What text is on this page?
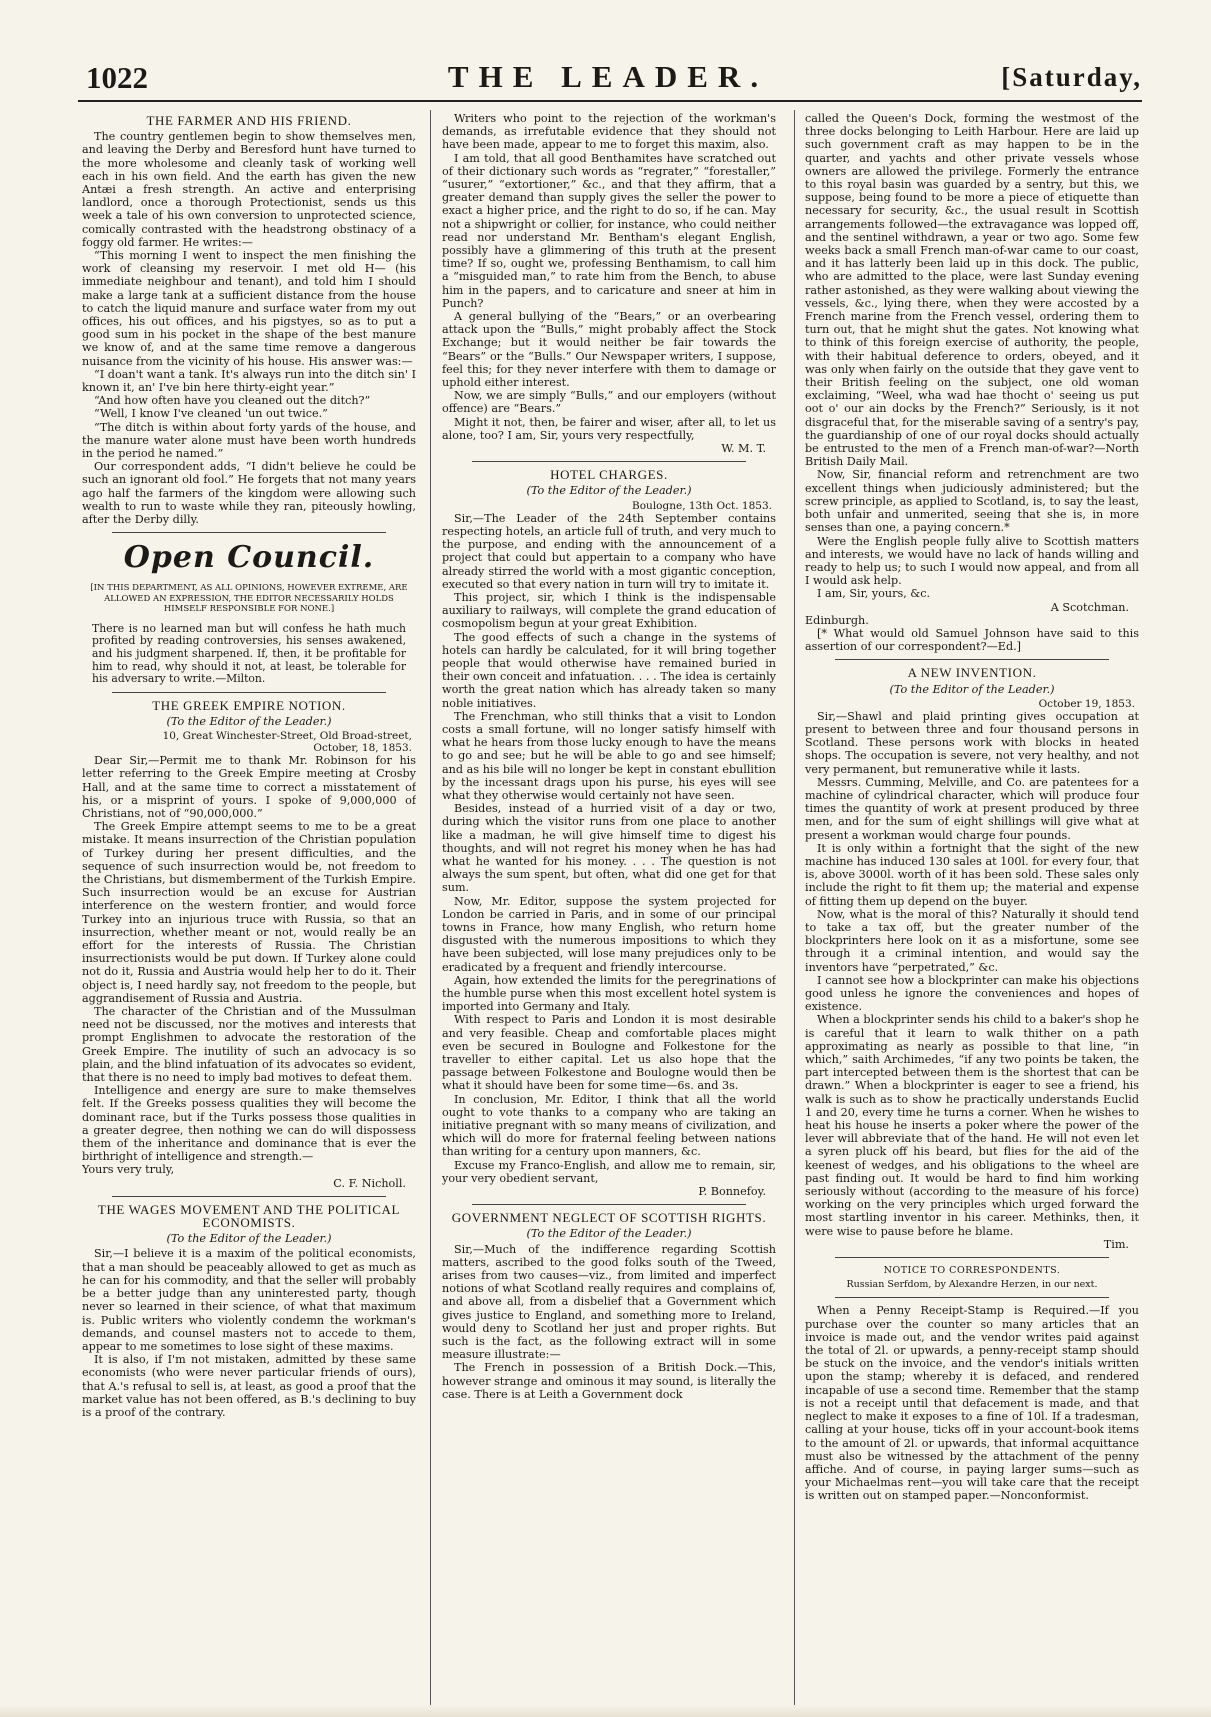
1022	THE LEADER.	[Saturday,
THE FARMER AND HIS FRIEND.

The country gentlemen begin to show themselves men, and leaving the Derby and Beresford hunt have turned to the more wholesome and cleanly task of working well each in his own field. And the earth has given the new Antæi a fresh strength. An active and enterprising landlord, once a thorough Protectionist, sends us this week a tale of his own conversion to unprotected science, comically contrasted with the headstrong obstinacy of a foggy old farmer. He writes:—

“This morning I went to inspect the men finishing the work of cleansing my reservoir. I met old H— (his immediate neighbour and tenant), and told him I should make a large tank at a sufficient distance from the house to catch the liquid manure and surface water from my out offices, his out offices, and his pigstyes, so as to put a good sum in his pocket in the shape of the best manure we know of, and at the same time remove a dangerous nuisance from the vicinity of his house. His answer was:—

“I doan't want a tank. It's always run into the ditch sin' I known it, an' I've bin here thirty-eight year.”

“And how often have you cleaned out the ditch?”

“Well, I know I've cleaned 'un out twice.”

“The ditch is within about forty yards of the house, and the manure water alone must have been worth hundreds in the period he named.”

Our correspondent adds, “I didn't believe he could be such an ignorant old fool.” He forgets that not many years ago half the farmers of the kingdom were allowing such wealth to run to waste while they ran, piteously howling, after the Derby dilly.

Open Council.
[IN THIS DEPARTMENT, AS ALL OPINIONS, HOWEVER EXTREME, ARE ALLOWED AN EXPRESSION, THE EDITOR NECESSARILY HOLDS HIMSELF RESPONSIBLE FOR NONE.]
There is no learned man but will confess he hath much profited by reading controversies, his senses awakened, and his judgment sharpened. If, then, it be profitable for him to read, why should it not, at least, be tolerable for his adversary to write.—Milton.
THE GREEK EMPIRE NOTION.
(To the Editor of the Leader.)
10, Great Winchester-Street, Old Broad-street,
October, 18, 1853.

Dear Sir,—Permit me to thank Mr. Robinson for his letter referring to the Greek Empire meeting at Crosby Hall, and at the same time to correct a misstatement of his, or a misprint of yours. I spoke of 9,000,000 of Christians, not of “90,000,000.”

The Greek Empire attempt seems to me to be a great mistake. It means insurrection of the Christian population of Turkey during her present difficulties, and the sequence of such insurrection would be, not freedom to the Christians, but dismemberment of the Turkish Empire. Such insurrection would be an excuse for Austrian interference on the western frontier, and would force Turkey into an injurious truce with Russia, so that an insurrection, whether meant or not, would really be an effort for the interests of Russia. The Christian insurrectionists would be put down. If Turkey alone could not do it, Russia and Austria would help her to do it. Their object is, I need hardly say, not freedom to the people, but aggrandisement of Russia and Austria.

The character of the Christian and of the Mussulman need not be discussed, nor the motives and interests that prompt Englishmen to advocate the restoration of the Greek Empire. The inutility of such an advocacy is so plain, and the blind infatuation of its advocates so evident, that there is no need to imply bad motives to defeat them.

Intelligence and energy are sure to make themselves felt. If the Greeks possess qualities they will become the dominant race, but if the Turks possess those qualities in a greater degree, then nothing we can do will dispossess them of the inheritance and dominance that is ever the birthright of intelligence and strength.—

Yours very truly,

C. F. Nicholl.
THE WAGES MOVEMENT AND THE POLITICAL ECONOMISTS.
(To the Editor of the Leader.)

Sir,—I believe it is a maxim of the political economists, that a man should be peaceably allowed to get as much as he can for his commodity, and that the seller will probably be a better judge than any uninterested party, though never so learned in their science, of what that maximum is. Public writers who violently condemn the workman's demands, and counsel masters not to accede to them, appear to me sometimes to lose sight of these maxims.

It is also, if I'm not mistaken, admitted by these same economists (who were never particular friends of ours), that A.'s refusal to sell is, at least, as good a proof that the market value has not been offered, as B.'s declining to buy is a proof of the contrary.

Writers who point to the rejection of the workman's demands, as irrefutable evidence that they should not have been made, appear to me to forget this maxim, also.

I am told, that all good Benthamites have scratched out of their dictionary such words as “regrater,” “forestaller,” “usurer,” “extortioner,” &c., and that they affirm, that a greater demand than supply gives the seller the power to exact a higher price, and the right to do so, if he can. May not a shipwright or collier, for instance, who could neither read nor understand Mr. Bentham's elegant English, possibly have a glimmering of this truth at the present time? If so, ought we, professing Benthamism, to call him a “misguided man,” to rate him from the Bench, to abuse him in the papers, and to caricature and sneer at him in Punch?

A general bullying of the “Bears,” or an overbearing attack upon the “Bulls,” might probably affect the Stock Exchange; but it would neither be fair towards the “Bears” or the “Bulls.” Our Newspaper writers, I suppose, feel this; for they never interfere with them to damage or uphold either interest.

Now, we are simply “Bulls,” and our employers (without offence) are “Bears.”

Might it not, then, be fairer and wiser, after all, to let us alone, too? I am, Sir, yours very respectfully,

W. M. T.
HOTEL CHARGES.
(To the Editor of the Leader.)
Boulogne, 13th Oct. 1853.

Sir,—The Leader of the 24th September contains respecting hotels, an article full of truth, and very much to the purpose, and ending with the announcement of a project that could but appertain to a company who have already stirred the world with a most gigantic conception, executed so that every nation in turn will try to imitate it.

This project, sir, which I think is the indispensable auxiliary to railways, will complete the grand education of cosmopolism begun at your great Exhibition.

The good effects of such a change in the systems of hotels can hardly be calculated, for it will bring together people that would otherwise have remained buried in their own conceit and infatuation. . . . The idea is certainly worth the great nation which has already taken so many noble initiatives.

The Frenchman, who still thinks that a visit to London costs a small fortune, will no longer satisfy himself with what he hears from those lucky enough to have the means to go and see; but he will be able to go and see himself; and as his bile will no longer be kept in constant ebullition by the incessant drags upon his purse, his eyes will see what they otherwise would certainly not have seen.

Besides, instead of a hurried visit of a day or two, during which the visitor runs from one place to another like a madman, he will give himself time to digest his thoughts, and will not regret his money when he has had what he wanted for his money. . . . The question is not always the sum spent, but often, what did one get for that sum.

Now, Mr. Editor, suppose the system projected for London be carried in Paris, and in some of our principal towns in France, how many English, who return home disgusted with the numerous impositions to which they have been subjected, will lose many prejudices only to be eradicated by a frequent and friendly intercourse.

Again, how extended the limits for the peregrinations of the humble purse when this most excellent hotel system is imported into Germany and Italy.

With respect to Paris and London it is most desirable and very feasible. Cheap and comfortable places might even be secured in Boulogne and Folkestone for the traveller to either capital. Let us also hope that the passage between Folkestone and Boulogne would then be what it should have been for some time—6s. and 3s.

In conclusion, Mr. Editor, I think that all the world ought to vote thanks to a company who are taking an initiative pregnant with so many means of civilization, and which will do more for fraternal feeling between nations than writing for a century upon manners, &c.

Excuse my Franco-English, and allow me to remain, sir, your very obedient servant,

P. Bonnefoy.
GOVERNMENT NEGLECT OF SCOTTISH RIGHTS.
(To the Editor of the Leader.)

Sir,—Much of the indifference regarding Scottish matters, ascribed to the good folks south of the Tweed, arises from two causes—viz., from limited and imperfect notions of what Scotland really requires and complains of, and above all, from a disbelief that a Government which gives justice to England, and something more to Ireland, would deny to Scotland her just and proper rights. But such is the fact, as the following extract will in some measure illustrate:—

The French in possession of a British Dock.—This, however strange and ominous it may sound, is literally the case. There is at Leith a Government dock

called the Queen's Dock, forming the westmost of the three docks belonging to Leith Harbour. Here are laid up such government craft as may happen to be in the quarter, and yachts and other private vessels whose owners are allowed the privilege. Formerly the entrance to this royal basin was guarded by a sentry, but this, we suppose, being found to be more a piece of etiquette than necessary for security, &c., the usual result in Scottish arrangements followed—the extravagance was lopped off, and the sentinel withdrawn, a year or two ago. Some few weeks back a small French man-of-war came to our coast, and it has latterly been laid up in this dock. The public, who are admitted to the place, were last Sunday evening rather astonished, as they were walking about viewing the vessels, &c., lying there, when they were accosted by a French marine from the French vessel, ordering them to turn out, that he might shut the gates. Not knowing what to think of this foreign exercise of authority, the people, with their habitual deference to orders, obeyed, and it was only when fairly on the outside that they gave vent to their British feeling on the subject, one old woman exclaiming, “Weel, wha wad hae thocht o' seeing us put oot o' our ain docks by the French?” Seriously, is it not disgraceful that, for the miserable saving of a sentry's pay, the guardianship of one of our royal docks should actually be entrusted to the men of a French man-of-war?—North British Daily Mail.

Now, Sir, financial reform and retrenchment are two excellent things when judiciously administered; but the screw principle, as applied to Scotland, is, to say the least, both unfair and unmerited, seeing that she is, in more senses than one, a paying concern.*

Were the English people fully alive to Scottish matters and interests, we would have no lack of hands willing and ready to help us; to such I would now appeal, and from all I would ask help.

I am, Sir, yours, &c.

A Scotchman.

Edinburgh.

[* What would old Samuel Johnson have said to this assertion of our correspondent?—Ed.]

A NEW INVENTION.
(To the Editor of the Leader.)
October 19, 1853.

Sir,—Shawl and plaid printing gives occupation at present to between three and four thousand persons in Scotland. These persons work with blocks in heated shops. The occupation is severe, not very healthy, and not very permanent, but remunerative while it lasts.

Messrs. Cumming, Melville, and Co. are patentees for a machine of cylindrical character, which will produce four times the quantity of work at present produced by three men, and for the sum of eight shillings will give what at present a workman would charge four pounds.

It is only within a fortnight that the sight of the new machine has induced 130 sales at 100l. for every four, that is, above 3000l. worth of it has been sold. These sales only include the right to fit them up; the material and expense of fitting them up depend on the buyer.

Now, what is the moral of this? Naturally it should tend to take a tax off, but the greater number of the blockprinters here look on it as a misfortune, some see through it a criminal intention, and would say the inventors have “perpetrated,” &c.

I cannot see how a blockprinter can make his objections good unless he ignore the conveniences and hopes of existence.

When a blockprinter sends his child to a baker's shop he is careful that it learn to walk thither on a path approximating as nearly as possible to that line, “in which,” saith Archimedes, “if any two points be taken, the part intercepted between them is the shortest that can be drawn.” When a blockprinter is eager to see a friend, his walk is such as to show he practically understands Euclid 1 and 20, every time he turns a corner. When he wishes to heat his house he inserts a poker where the power of the lever will abbreviate that of the hand. He will not even let a syren pluck off his beard, but flies for the aid of the keenest of wedges, and his obligations to the wheel are past finding out. It would be hard to find him working seriously without (according to the measure of his force) working on the very principles which urged forward the most startling inventor in his career. Methinks, then, it were wise to pause before he blame.

Tim.
NOTICE TO CORRESPONDENTS.
Russian Serfdom, by Alexandre Herzen, in our next.

When a Penny Receipt-Stamp is Required.—If you purchase over the counter so many articles that an invoice is made out, and the vendor writes paid against the total of 2l. or upwards, a penny-receipt stamp should be stuck on the invoice, and the vendor's initials written upon the stamp; whereby it is defaced, and rendered incapable of use a second time. Remember that the stamp is not a receipt until that defacement is made, and that neglect to make it exposes to a fine of 10l. If a tradesman, calling at your house, ticks off in your account-book items to the amount of 2l. or upwards, that informal acquittance must also be witnessed by the attachment of the penny affiche. And of course, in paying larger sums—such as your Michaelmas rent—you will take care that the receipt is written out on stamped paper.—Nonconformist.
